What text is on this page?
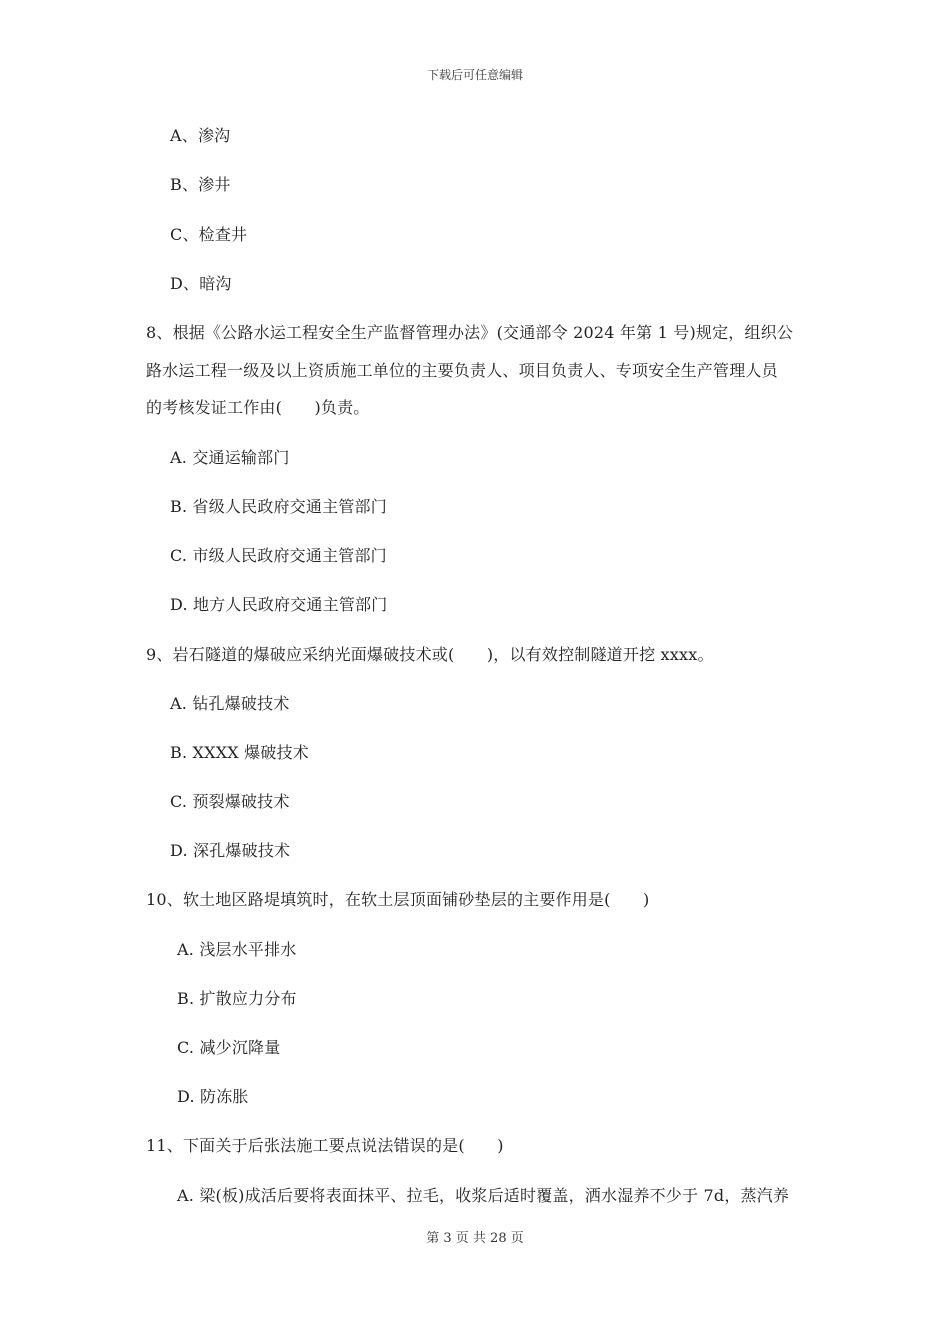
下载后可任意编辑
A、渗沟
B、渗井
C、检查井
D、暗沟
8、根据《公路水运工程安全生产监督管理办法》(交通部令 2024 年第 1 号)规定，组织公
路水运工程一级及以上资质施工单位的主要负责人、项目负责人、专项安全生产管理人员
的考核发证工作由(　　)负责。
A. 交通运输部门
B. 省级人民政府交通主管部门
C. 市级人民政府交通主管部门
D. 地方人民政府交通主管部门
9、岩石隧道的爆破应采纳光面爆破技术或(　　)，以有效控制隧道开挖 xxxx。
A. 钻孔爆破技术
B. XXXX 爆破技术
C. 预裂爆破技术
D. 深孔爆破技术
10、软土地区路堤填筑时，在软土层顶面铺砂垫层的主要作用是(　　)
A. 浅层水平排水
B. 扩散应力分布
C. 减少沉降量
D. 防冻胀
11、下面关于后张法施工要点说法错误的是(　　)
A. 梁(板)成活后要将表面抹平、拉毛，收浆后适时覆盖，洒水湿养不少于 7d，蒸汽养
第 3 页 共 28 页
